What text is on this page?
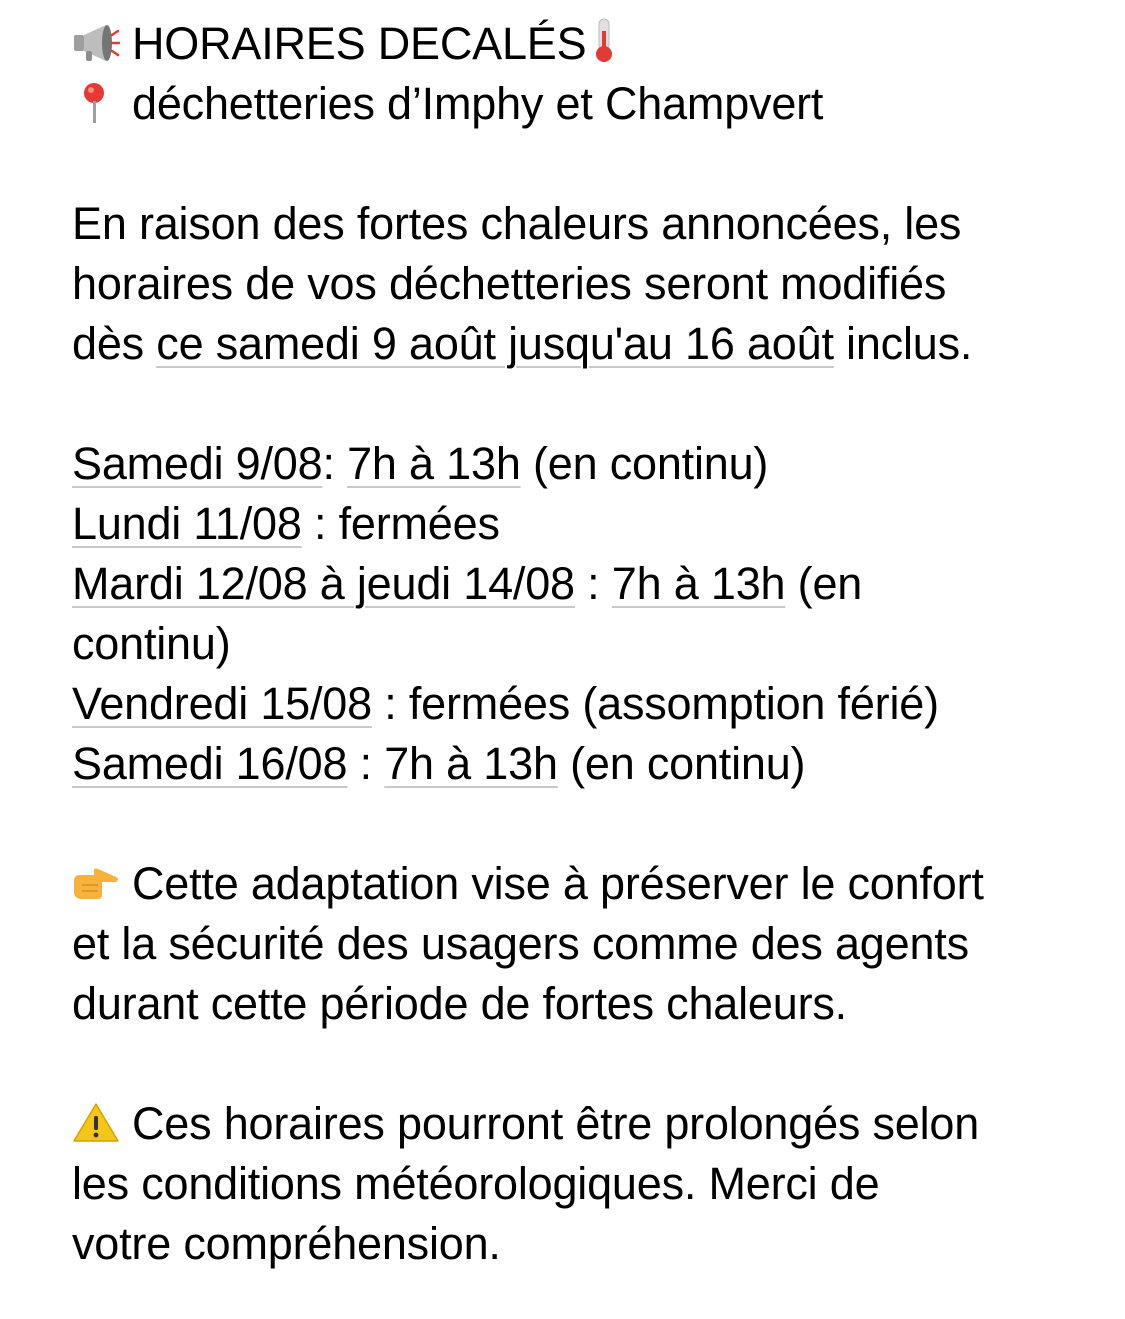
HORAIRES DECALÉS
déchetteries d’Imphy et Champvert
En raison des fortes chaleurs annoncées, les
horaires de vos déchetteries seront modifiés
dès ce samedi 9 août jusqu'au 16 août inclus.
Samedi 9/08: 7h à 13h (en continu)
Lundi 11/08 : fermées
Mardi 12/08 à jeudi 14/08 : 7h à 13h (en
continu)
Vendredi 15/08 : fermées (assomption férié)
Samedi 16/08 : 7h à 13h (en continu)
Cette adaptation vise à préserver le confort
et la sécurité des usagers comme des agents
durant cette période de fortes chaleurs.
Ces horaires pourront être prolongés selon
les conditions météorologiques. Merci de
votre compréhension.
